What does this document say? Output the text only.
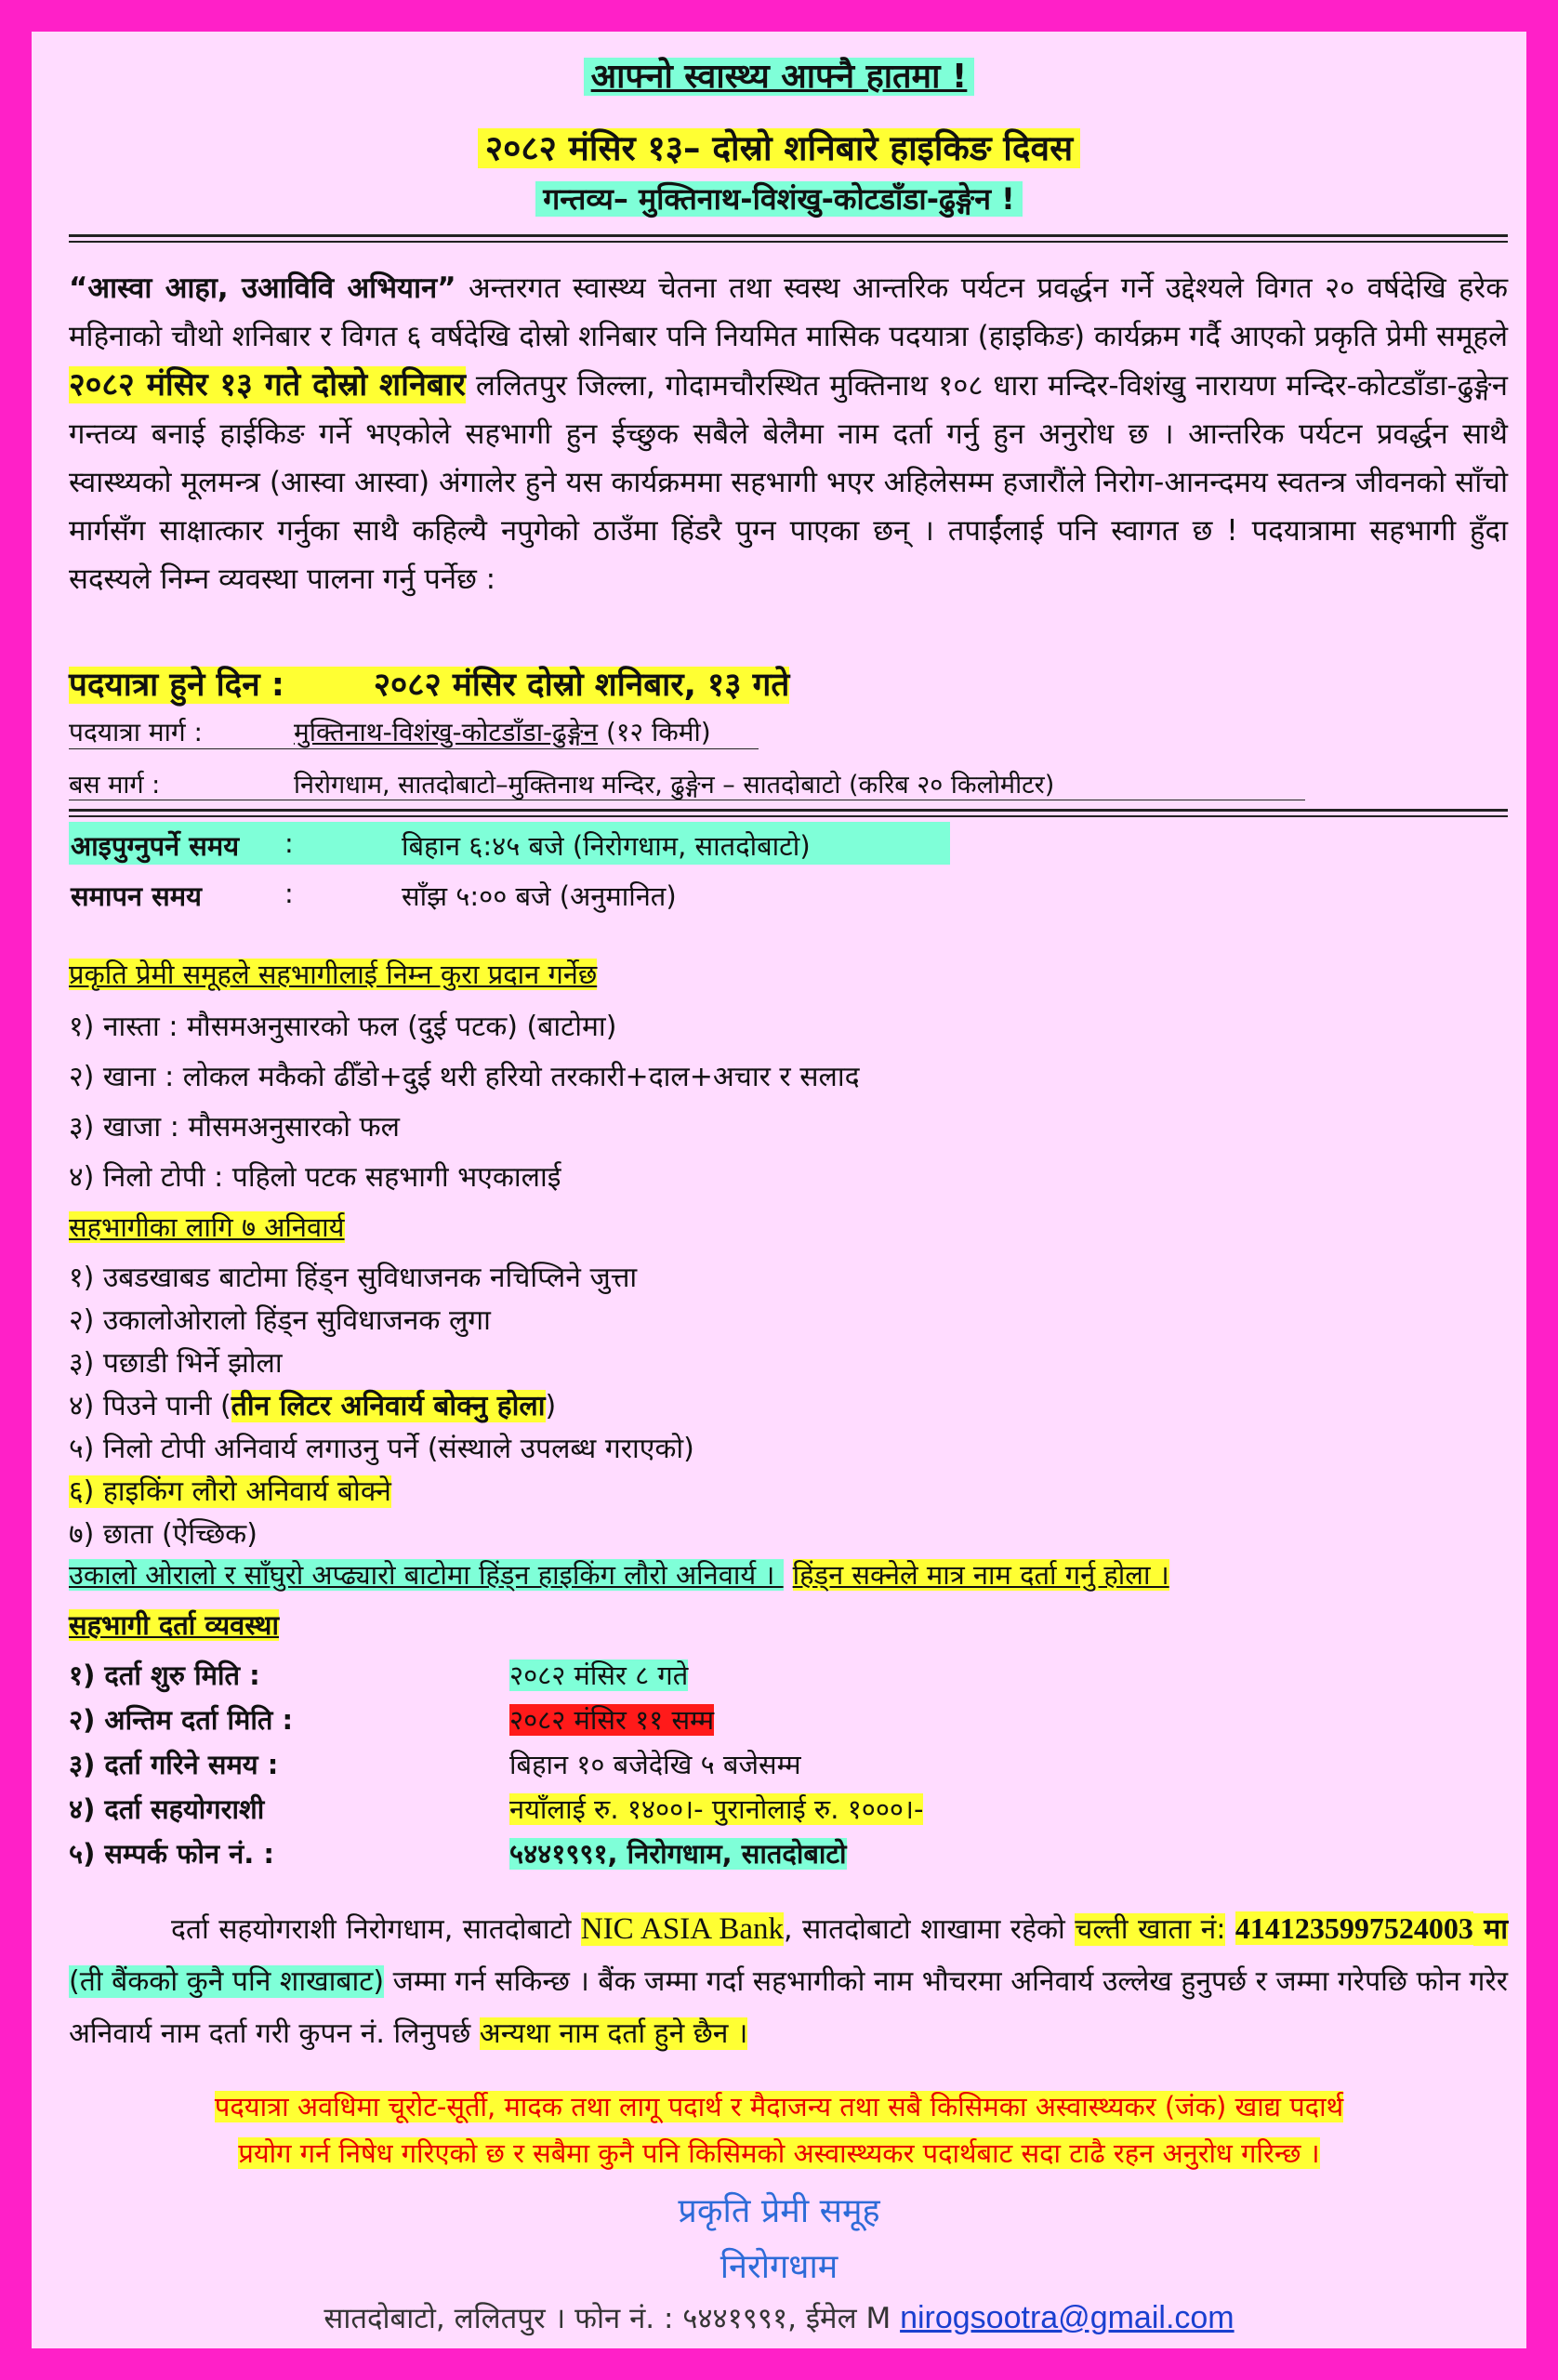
आफ्नो स्वास्थ्य आफ्नै हातमा !
२०८२ मंसिर १३– दोस्रो शनिबारे हाइकिङ दिवस
गन्तव्य– मुक्तिनाथ-विशंखु-कोटडाँडा-ढुङ्गेन !
“आस्वा आहा, उआविवि अभियान” अन्तरगत स्वास्थ्य चेतना तथा स्वस्थ आन्तरिक पर्यटन प्रवर्द्धन गर्ने उद्देश्यले विगत २० वर्षदेखि हरेक महिनाको चौथो शनिबार र विगत ६ वर्षदेखि दोस्रो शनिबार पनि नियमित मासिक पदयात्रा (हाइकिङ) कार्यक्रम गर्दै आएको प्रकृति प्रेमी समूहले २०८२ मंसिर १३ गते दोस्रो शनिबार ललितपुर जिल्ला, गोदामचौरस्थित मुक्तिनाथ १०८ धारा मन्दिर-विशंखु नारायण मन्दिर-कोटडाँडा-ढुङ्गेन गन्तव्य बनाई हाईकिङ गर्ने भएकोले सहभागी हुन ईच्छुक सबैले बेलैमा नाम दर्ता गर्नु हुन अनुरोध छ । आन्तरिक पर्यटन प्रवर्द्धन साथै स्वास्थ्यको मूलमन्त्र (आस्वा आस्वा) अंगालेर हुने यस कार्यक्रममा सहभागी भएर अहिलेसम्म हजारौंले निरोग-आनन्दमय स्वतन्त्र जीवनको साँचो मार्गसँग साक्षात्कार गर्नुका साथै कहिल्यै नपुगेको ठाउँमा हिंडरै पुग्न पाएका छन् । तपाईंलाई पनि स्वागत छ ! पदयात्रामा सहभागी हुँदा सदस्यले निम्न व्यवस्था पालना गर्नु पर्नेछ :
पदयात्रा हुने दिन :	२०८२ मंसिर दोस्रो शनिबार, १३ गते
पदयात्रा मार्ग :	मुक्तिनाथ-विशंखु-कोटडाँडा-ढुङ्गेन (१२ किमी)
बस मार्ग :	निरोगधाम, सातदोबाटो–मुक्तिनाथ मन्दिर, ढुङ्गेन – सातदोबाटो (करिब २० किलोमीटर)
आइपुग्नुपर्ने समय :	बिहान ६:४५ बजे (निरोगधाम, सातदोबाटो)
समापन समय	:	साँझ ५:०० बजे (अनुमानित)
प्रकृति प्रेमी समूहले सहभागीलाई निम्न कुरा प्रदान गर्नेछ
१) नास्ता : मौसमअनुसारको फल (दुई पटक) (बाटोमा)
२) खाना : लोकल मकैको ढीँडो+दुई थरी हरियो तरकारी+दाल+अचार र सलाद
३) खाजा : मौसमअनुसारको फल
४) निलो टोपी : पहिलो पटक सहभागी भएकालाई
सहभागीका लागि ७ अनिवार्य
१) उबडखाबड बाटोमा हिंड्न सुविधाजनक नचिप्लिने जुत्ता
२) उकालोओरालो हिंड्न सुविधाजनक लुगा
३) पछाडी भिर्ने झोला
४) पिउने पानी (तीन लिटर अनिवार्य बोक्नु होला)
५) निलो टोपी अनिवार्य लगाउनु पर्ने (संस्थाले उपलब्ध गराएको)
६) हाइकिंग लौरो अनिवार्य बोक्ने
७) छाता (ऐच्छिक)
उकालो ओरालो र साँघुरो अप्ढ्यारो बाटोमा हिंड्न हाइकिंग लौरो अनिवार्य । हिंड्न सक्नेले मात्र नाम दर्ता गर्नु होला ।
सहभागी दर्ता व्यवस्था
१) दर्ता शुरु मिति :	२०८२ मंसिर ८ गते
२) अन्तिम दर्ता मिति :	२०८२ मंसिर ११ सम्म
३) दर्ता गरिने समय :	बिहान १० बजेदेखि ५ बजेसम्म
४) दर्ता सहयोगराशी	नयाँलाई रु. १४००।- पुरानोलाई रु. १०००।-
५) सम्पर्क फोन नं. :	५४४१९९१, निरोगधाम, सातदोबाटो
दर्ता सहयोगराशी निरोगधाम, सातदोबाटो NIC ASIA Bank, सातदोबाटो शाखामा रहेको चल्ती खाता नं: 4141235997524003 मा (ती बैंकको कुनै पनि शाखाबाट) जम्मा गर्न सकिन्छ । बैंक जम्मा गर्दा सहभागीको नाम भौचरमा अनिवार्य उल्लेख हुनुपर्छ र जम्मा गरेपछि फोन गरेर अनिवार्य नाम दर्ता गरी कुपन नं. लिनुपर्छ अन्यथा नाम दर्ता हुने छैन ।
पदयात्रा अवधिमा चूरोट-सूर्ती, मादक तथा लागू पदार्थ र मैदाजन्य तथा सबै किसिमका अस्वास्थ्यकर (जंक) खाद्य पदार्थ
प्रयोग गर्न निषेध गरिएको छ र सबैमा कुनै पनि किसिमको अस्वास्थ्यकर पदार्थबाट सदा टाढै रहन अनुरोध गरिन्छ ।
प्रकृति प्रेमी समूह
निरोगधाम
सातदोबाटो, ललितपुर । फोन नं. : ५४४१९९१, ईमेल M nirogsootra@gmail.com
